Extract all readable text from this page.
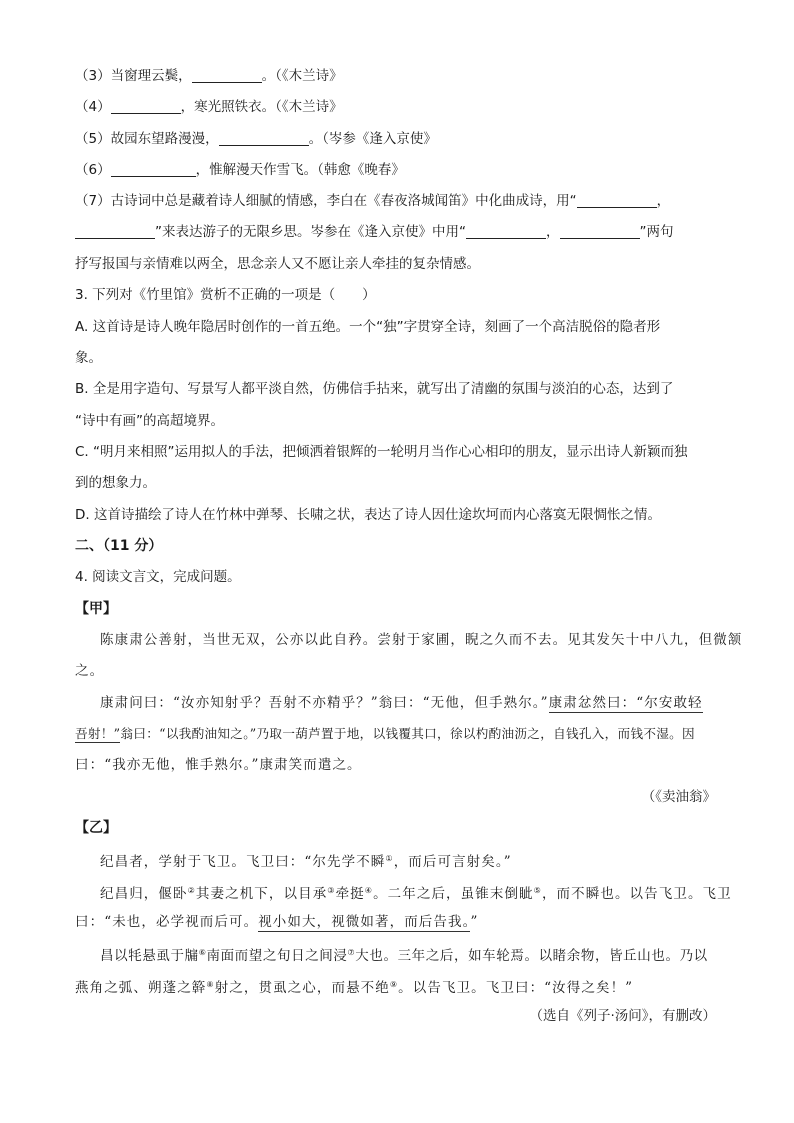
（3）当窗理云鬓，	。（《木兰诗》
（4）	，寒光照铁衣。（《木兰诗》
（5）故园东望路漫漫，	。（岑参《逢入京使》
（6）	，惟解漫天作雪飞。（韩愈《晚春》
（7）古诗词中总是藏着诗人细腻的情感，李白在《春夜洛城闻笛》中化曲成诗，用“	，
”来表达游子的无限乡思。岑参在《逢入京使》中用“	，	”两句
抒写报国与亲情难以两全，思念亲人又不愿让亲人牵挂的复杂情感。
3. 下列对《竹里馆》赏析不正确的一项是（　　）
A. 这首诗是诗人晚年隐居时创作的一首五绝。一个“独”字贯穿全诗，刻画了一个高洁脱俗的隐者形
象。
B. 全是用字造句、写景写人都平淡自然，仿佛信手拈来，就写出了清幽的氛围与淡泊的心态，达到了
“诗中有画”的高超境界。
C. “明月来相照”运用拟人的手法，把倾洒着银辉的一轮明月当作心心相印的朋友，显示出诗人新颖而独
到的想象力。
D. 这首诗描绘了诗人在竹林中弹琴、长啸之状，表达了诗人因仕途坎坷而内心落寞无限惆怅之情。
二、（11 分）
4. 阅读文言文，完成问题。
【甲】
陈康肃公善射，当世无双，公亦以此自矜。尝射于家圃，睨之久而不去。见其发矢十中八九，但微颔
之。
康肃问曰：“汝亦知射乎？吾射不亦精乎？”翁曰：“无他，但手熟尔。”康肃忿然曰：“尔安敢轻
吾射！”翁曰：“以我酌油知之。”乃取一葫芦置于地，以钱覆其口，徐以杓酌油沥之，自钱孔入，而钱不湿。因
曰：“我亦无他，惟手熟尔。”康肃笑而遣之。
（《卖油翁》
【乙】
纪昌者，学射于飞卫。飞卫曰：“尔先学不瞬①，而后可言射矣。”
纪昌归，偃卧②其妻之机下，以目承③牵挺④。二年之后，虽锥末倒眦⑤，而不瞬也。以告飞卫。飞卫
曰：“未也，必学视而后可。视小如大，视微如著，而后告我。”
昌以牦悬虱于牖⑥南面而望之旬日之间浸⑦大也。三年之后，如车轮焉。以睹余物，皆丘山也。乃以
燕角之弧、朔蓬之簳⑧射之，贯虱之心，而悬不绝⑨。以告飞卫。飞卫曰：“汝得之矣！”
（选自《列子·汤问》，有删改）
